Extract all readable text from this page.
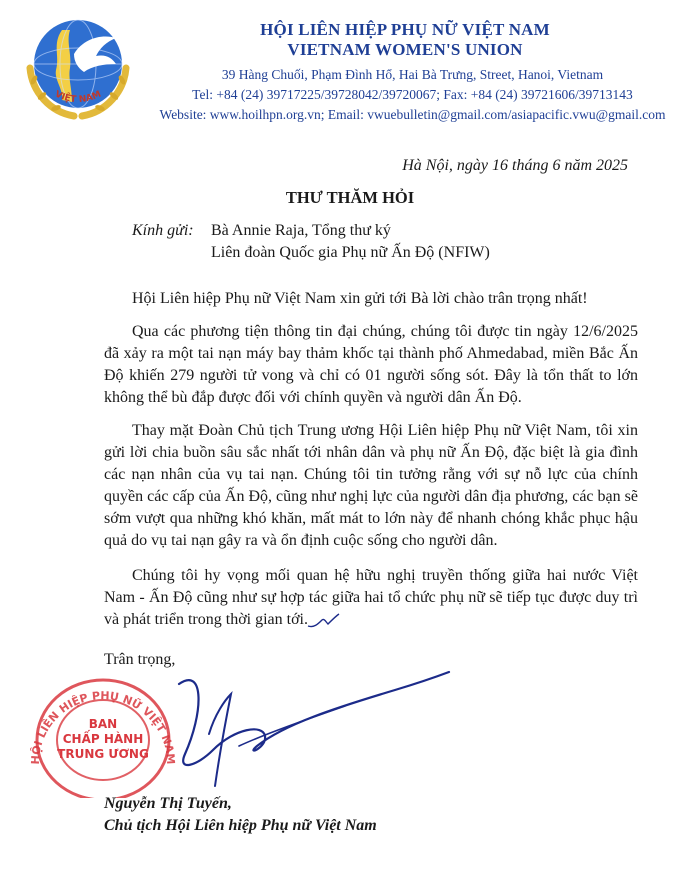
VIỆT NAM
HỘI LIÊN HIỆP PHỤ NỮ VIỆT NAM
VIETNAM WOMEN'S UNION
39 Hàng Chuối, Phạm Đình Hổ, Hai Bà Trưng, Street, Hanoi, Vietnam
Tel: +84 (24) 39717225/39728042/39720067; Fax: +84 (24) 39721606/39713143
Website: www.hoilhpn.org.vn; Email: vwuebulletin@gmail.com/asiapacific.vwu@gmail.com
Hà Nội, ngày 16 tháng 6 năm 2025
THƯ THĂM HỎI
Kính gửi: Bà Annie Raja, Tổng thư ký
Liên đoàn Quốc gia Phụ nữ Ấn Độ (NFIW)
Hội Liên hiệp Phụ nữ Việt Nam xin gửi tới Bà lời chào trân trọng nhất!
Qua các phương tiện thông tin đại chúng, chúng tôi được tin ngày 12/6/2025 đã xảy ra một tai nạn máy bay thảm khốc tại thành phố Ahmedabad, miền Bắc Ấn Độ khiến 279 người tử vong và chỉ có 01 người sống sót. Đây là tổn thất to lớn không thể bù đắp được đối với chính quyền và người dân Ấn Độ.
Thay mặt Đoàn Chủ tịch Trung ương Hội Liên hiệp Phụ nữ Việt Nam, tôi xin gửi lời chia buồn sâu sắc nhất tới nhân dân và phụ nữ Ấn Độ, đặc biệt là gia đình các nạn nhân của vụ tai nạn. Chúng tôi tin tưởng rằng với sự nỗ lực của chính quyền các cấp của Ấn Độ, cũng như nghị lực của người dân địa phương, các bạn sẽ sớm vượt qua những khó khăn, mất mát to lớn này để nhanh chóng khắc phục hậu quả do vụ tai nạn gây ra và ổn định cuộc sống cho người dân.
Chúng tôi hy vọng mối quan hệ hữu nghị truyền thống giữa hai nước Việt Nam - Ấn Độ cũng như sự hợp tác giữa hai tổ chức phụ nữ sẽ tiếp tục được duy trì và phát triển trong thời gian tới.
Trân trọng,
HỘI LIÊN HIỆP PHỤ NỮ VIỆT NAM
BAN
CHẤP HÀNH
TRUNG ƯƠNG
Nguyễn Thị Tuyến,
Chủ tịch Hội Liên hiệp Phụ nữ Việt Nam
